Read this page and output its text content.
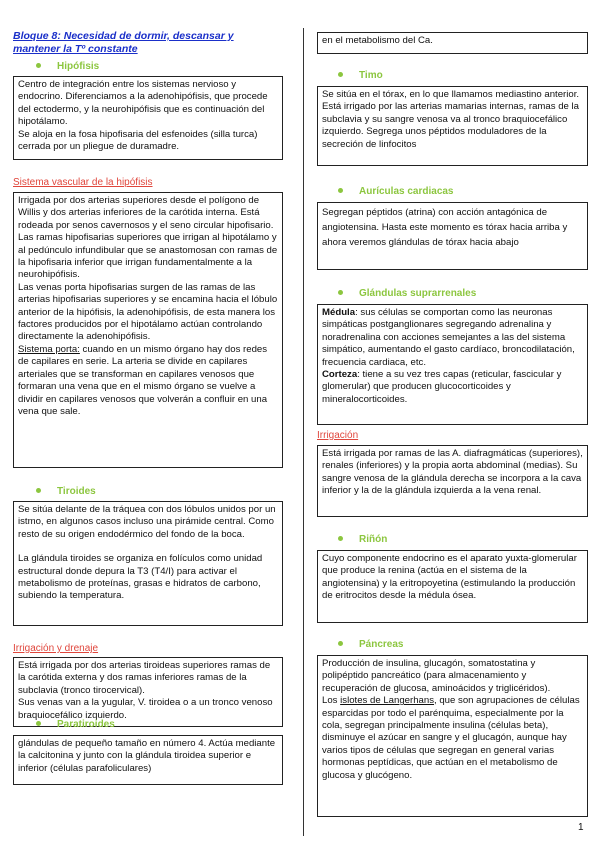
Bloque 8: Necesidad de dormir, descansar y mantener la Tº constante
Hipófisis
Centro de integración entre los sistemas nervioso y endocrino. Diferenciamos a la adenohipófisis, que procede del ectodermo, y la neurohipófisis que es continuación del hipotálamo.
Se aloja en la fosa hipofisaria del esfenoides (silla turca) cerrada por un pliegue de duramadre.
Sistema vascular de la hipófisis

Irrigada por dos arterias superiores desde el polígono de Willis y dos arterias inferiores de la carótida interna. Está rodeada por senos cavernosos y el seno circular hipofisario.
Las ramas hipofisarias superiores que irrigan al hipotálamo y al pedúnculo infundibular que se anastomosan con ramas de la hipofisaria inferior que irrigan fundamentalmente a la neurohipófisis.
Las venas porta hipofisarias surgen de las ramas de las arterias hipofisarias superiores y se encamina hacia el lóbulo anterior de la hipófisis, la adenohipófisis, de esta manera los factores producidos por el hipotálamo actúan controlando directamente la adenohipófisis.

Sistema porta: cuando en un mismo órgano hay dos redes de capilares en serie. La arteria se divide en capilares arteriales que se transforman en capilares venosos que formaran una vena que en el mismo órgano se vuelve a dividir en capilares venosos que volverán a confluir en una vena que sale.

Tiroides

Se sitúa delante de la tráquea con dos lóbulos unidos por un istmo, en algunos casos incluso una pirámide central. Como resto de su origen endodérmico del fondo de la boca.

La glándula tiroides se organiza en folículos como unidad estructural donde depura la T3 (T4/I) para activar el metabolismo de proteínas, grasas e hidratos de carbono, subiendo la temperatura.

Irrigación y drenaje
Está irrigada por dos arterias tiroideas superiores ramas de la carótida externa y dos ramas inferiores ramas de la subclavia (tronco tirocervical).
Sus venas van a la yugular, V. tiroidea o a un tronco venoso braquiocefálico izquierdo.
Paratiroides
glándulas de pequeño tamaño en número 4. Actúa mediante la calcitonina y junto con la glándula tiroidea superior e inferior (células parafoliculares)
en el metabolismo del Ca.
Timo
Se sitúa en el tórax, en lo que llamamos mediastino anterior.
Está irrigado por las arterias mamarias internas, ramas de la subclavia y su sangre venosa va al tronco braquiocefálico izquierdo. Segrega unos péptidos moduladores de la secreción de linfocitos
Aurículas cardiacas
Segregan péptidos (atrina) con acción antagónica de angiotensina. Hasta este momento es tórax hacia arriba y ahora veremos glándulas de tórax hacia abajo
Glándulas suprarrenales

Médula: sus células se comportan como las neuronas simpáticas postganglionares segregando adrenalina y noradrenalina con acciones semejantes a las del sistema simpático, aumentando el gasto cardíaco, broncodilatación, frecuencia cardiaca, etc.

Corteza: tiene a su vez tres capas (reticular, fascicular y glomerular) que producen glucocorticoides y mineralocorticoides.

Irrigación
Está irrigada por ramas de las A. diafragmáticas (superiores), renales (inferiores) y la propia aorta abdominal (medias). Su sangre venosa de la glándula derecha se incorpora a la cava inferior y la de la glándula izquierda a la vena renal.
Riñón
Cuyo componente endocrino es el aparato yuxta-glomerular que produce la renina (actúa en el sistema de la angiotensina) y la eritropoyetina (estimulando la producción de eritrocitos desde la médula ósea.
Páncreas

Producción de insulina, glucagón, somatostatina y polipéptido pancreático (para almacenamiento y recuperación de glucosa, aminoácidos y triglicéridos).

Los islotes de Langerhans, que son agrupaciones de células esparcidas por todo el parénquima, especialmente por la cola, segregan principalmente insulina (células beta), disminuye el azúcar en sangre y el glucagón, aunque hay varios tipos de células que segregan en general varias hormonas peptídicas, que actúan en el metabolismo de glucosa y glucógeno.

1
